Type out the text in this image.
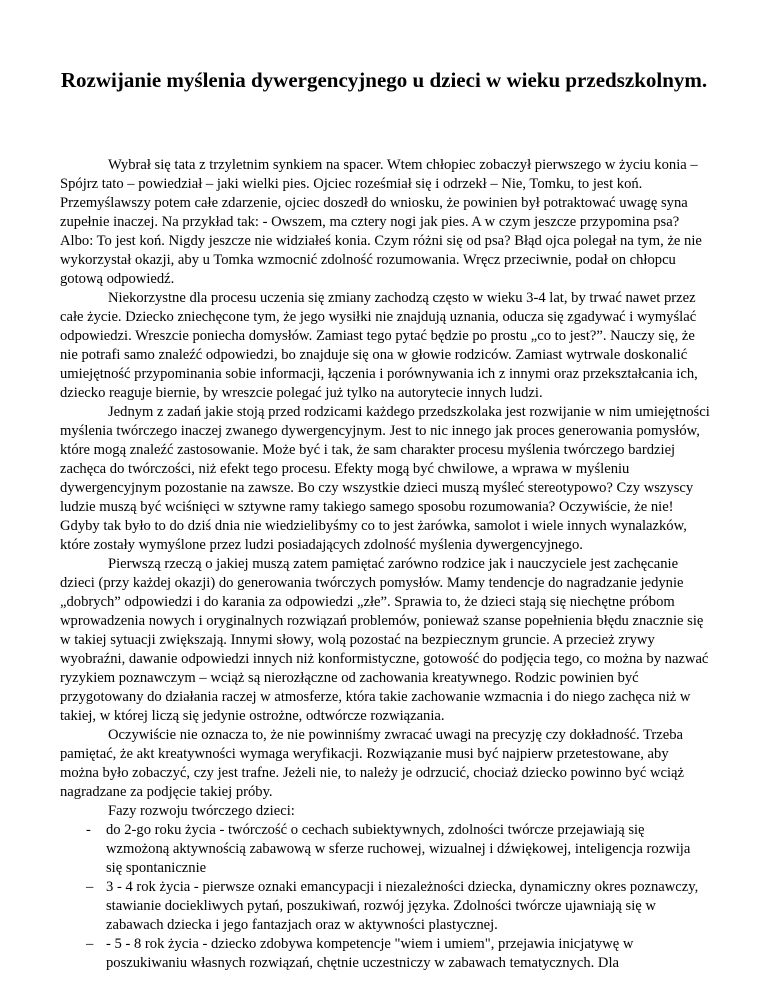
Rozwijanie myślenia dywergencyjnego u dzieci w wieku przedszkolnym.

Wybrał się tata z trzyletnim synkiem na spacer. Wtem chłopiec zobaczył pierwszego w życiu konia – Spójrz tato – powiedział – jaki wielki pies. Ojciec roześmiał się i odrzekł – Nie, Tomku, to jest koń. Przemyślawszy potem całe zdarzenie, ojciec doszedł do wniosku, że powinien był potraktować uwagę syna zupełnie inaczej. Na przykład tak: - Owszem, ma cztery nogi jak pies. A w czym jeszcze przypomina psa? Albo: To jest koń. Nigdy jeszcze nie widziałeś konia. Czym różni się od psa? Błąd ojca polegał na tym, że nie wykorzystał okazji, aby u Tomka wzmocnić zdolność rozumowania. Wręcz przeciwnie, podał on chłopcu gotową odpowiedź.

Niekorzystne dla procesu uczenia się zmiany zachodzą często w wieku 3-4 lat, by trwać nawet przez całe życie. Dziecko zniechęcone tym, że jego wysiłki nie znajdują uznania, oducza się zgadywać i wymyślać odpowiedzi. Wreszcie poniecha domysłów. Zamiast tego pytać będzie po prostu „co to jest?”. Nauczy się, że nie potrafi samo znaleźć odpowiedzi, bo znajduje się ona w głowie rodziców. Zamiast wytrwale doskonalić umiejętność przypominania sobie informacji, łączenia i porównywania ich z innymi oraz przekształcania ich, dziecko reaguje biernie, by wreszcie polegać już tylko na autorytecie innych ludzi.

Jednym z zadań jakie stoją przed rodzicami każdego przedszkolaka jest rozwijanie w nim umiejętności myślenia twórczego inaczej zwanego dywergencyjnym. Jest to nic innego jak proces generowania pomysłów, które mogą znaleźć zastosowanie. Może być i tak, że sam charakter procesu myślenia twórczego bardziej zachęca do twórczości, niż efekt tego procesu. Efekty mogą być chwilowe, a wprawa w myśleniu dywergencyjnym pozostanie na zawsze. Bo czy wszystkie dzieci muszą myśleć stereotypowo? Czy wszyscy ludzie muszą być wciśnięci w sztywne ramy takiego samego sposobu rozumowania? Oczywiście, że nie! Gdyby tak było to do dziś dnia nie wiedzielibyśmy co to jest żarówka, samolot i wiele innych wynalazków, które zostały wymyślone przez ludzi posiadających zdolność myślenia dywergencyjnego.

Pierwszą rzeczą o jakiej muszą zatem pamiętać zarówno rodzice jak i nauczyciele jest zachęcanie dzieci (przy każdej okazji) do generowania twórczych pomysłów. Mamy tendencje do nagradzanie jedynie „dobrych” odpowiedzi i do karania za odpowiedzi „złe”. Sprawia to, że dzieci stają się niechętne próbom wprowadzenia nowych i oryginalnych rozwiązań problemów, ponieważ szanse popełnienia błędu znacznie się w takiej sytuacji zwiększają. Innymi słowy, wolą pozostać na bezpiecznym gruncie. A przecież zrywy wyobraźni, dawanie odpowiedzi innych niż konformistyczne, gotowość do podjęcia tego, co można by nazwać ryzykiem poznawczym – wciąż są nierozłączne od zachowania kreatywnego. Rodzic powinien być przygotowany do działania raczej w atmosferze, która takie zachowanie wzmacnia i do niego zachęca niż w takiej, w której liczą się jedynie ostrożne, odtwórcze rozwiązania.

Oczywiście nie oznacza to, że nie powinniśmy zwracać uwagi na precyzję czy dokładność. Trzeba pamiętać, że akt kreatywności wymaga weryfikacji. Rozwiązanie musi być najpierw przetestowane, aby można było zobaczyć, czy jest trafne. Jeżeli nie, to należy je odrzucić, chociaż dziecko powinno być wciąż nagradzane za podjęcie takiej próby.

Fazy rozwoju twórczego dzieci:

- do 2-go roku życia - twórczość o cechach subiektywnych, zdolności twórcze przejawiają się wzmożoną aktywnością zabawową w sferze ruchowej, wizualnej i dźwiękowej, inteligencja rozwija się spontanicznie
– 3 - 4 rok życia - pierwsze oznaki emancypacji i niezależności dziecka, dynamiczny okres poznawczy, stawianie dociekliwych pytań, poszukiwań, rozwój języka. Zdolności twórcze ujawniają się w zabawach dziecka i jego fantazjach oraz w aktywności plastycznej.
– - 5 - 8 rok życia - dziecko zdobywa kompetencje "wiem i umiem", przejawia inicjatywę w poszukiwaniu własnych rozwiązań, chętnie uczestniczy w zabawach tematycznych. Dla
